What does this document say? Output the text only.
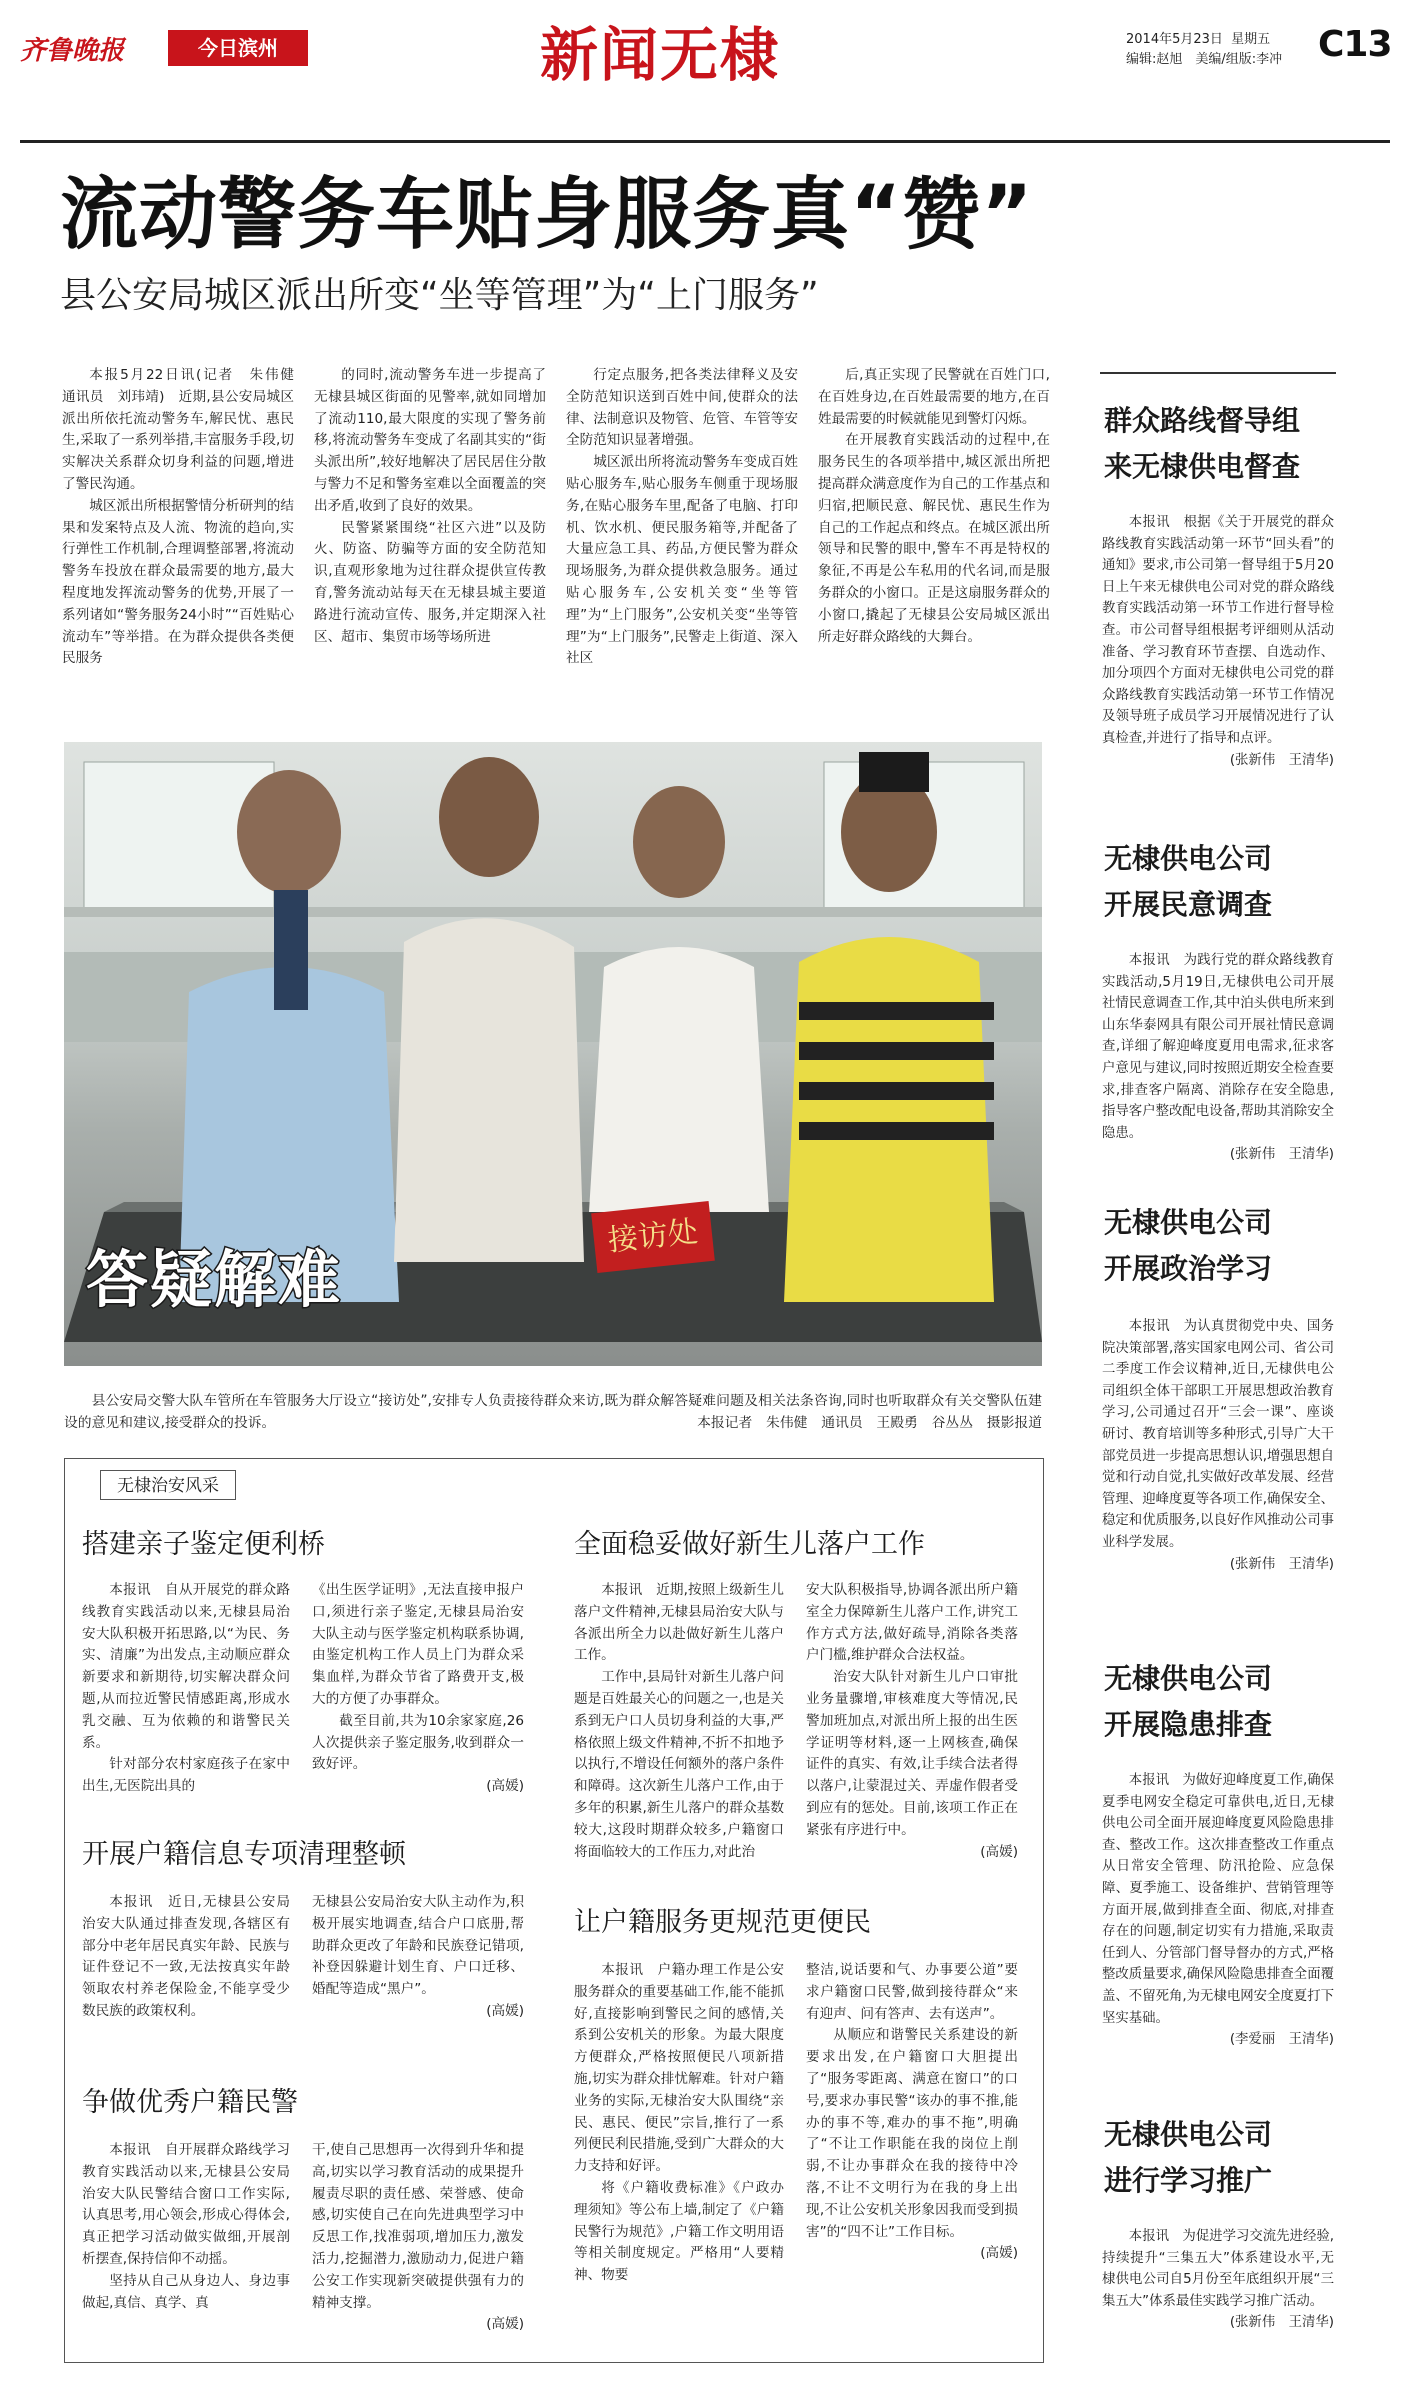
齐鲁晚报	今日滨州	新闻无棣	2014年5月23日 星期五
编辑:赵旭　美编/组版:李冲 C13
流动警务车贴身服务真“赞”
县公安局城区派出所变“坐等管理”为“上门服务”

本报5月22日讯(记者　朱伟健　通讯员　刘玮靖)　近期,县公安局城区派出所依托流动警务车,解民忧、惠民生,采取了一系列举措,丰富服务手段,切实解决关系群众切身利益的问题,增进了警民沟通。

城区派出所根据警情分析研判的结果和发案特点及人流、物流的趋向,实行弹性工作机制,合理调整部署,将流动警务车投放在群众最需要的地方,最大程度地发挥流动警务的优势,开展了一系列诸如“警务服务24小时”“百姓贴心流动车”等举措。在为群众提供各类便民服务

的同时,流动警务车进一步提高了无棣县城区街面的见警率,就如同增加了流动110,最大限度的实现了警务前移,将流动警务车变成了名副其实的“街头派出所”,较好地解决了居民居住分散与警力不足和警务室难以全面覆盖的突出矛盾,收到了良好的效果。

民警紧紧围绕“社区六进”以及防火、防盗、防骗等方面的安全防范知识,直观形象地为过往群众提供宣传教育,警务流动站每天在无棣县城主要道路进行流动宣传、服务,并定期深入社区、超市、集贸市场等场所进

行定点服务,把各类法律释义及安全防范知识送到百姓中间,使群众的法律、法制意识及物管、危管、车管等安全防范知识显著增强。

城区派出所将流动警务车变成百姓贴心服务车,贴心服务车侧重于现场服务,在贴心服务车里,配备了电脑、打印机、饮水机、便民服务箱等,并配备了大量应急工具、药品,方便民警为群众现场服务,为群众提供救急服务。通过贴心服务车,公安机关变“坐等管理”为“上门服务”,公安机关变“坐等管理”为“上门服务”,民警走上街道、深入社区

后,真正实现了民警就在百姓门口,在百姓身边,在百姓最需要的地方,在百姓最需要的时候就能见到警灯闪烁。

在开展教育实践活动的过程中,在服务民生的各项举措中,城区派出所把提高群众满意度作为自己的工作基点和归宿,把顺民意、解民忧、惠民生作为自己的工作起点和终点。在城区派出所领导和民警的眼中,警车不再是特权的象征,不再是公车私用的代名词,而是服务群众的小窗口。正是这扇服务群众的小窗口,撬起了无棣县公安局城区派出所走好群众路线的大舞台。

接访处
答疑解难
县公安局交警大队车管所在车管服务大厅设立“接访处”,安排专人负责接待群众来访,既为群众解答疑难问题及相关法条咨询,同时也听取群众有关交警队伍建设的意见和建议,接受群众的投诉。	本报记者　朱伟健　通讯员　王殿勇　谷丛丛　摄影报道
无棣治安风采
搭建亲子鉴定便利桥

本报讯　自从开展党的群众路线教育实践活动以来,无棣县局治安大队积极开拓思路,以“为民、务实、清廉”为出发点,主动顺应群众新要求和新期待,切实解决群众问题,从而拉近警民情感距离,形成水乳交融、互为依赖的和谐警民关系。

针对部分农村家庭孩子在家中出生,无医院出具的

《出生医学证明》,无法直接申报户口,须进行亲子鉴定,无棣县局治安大队主动与医学鉴定机构联系协调,由鉴定机构工作人员上门为群众采集血样,为群众节省了路费开支,极大的方便了办事群众。

截至目前,共为10余家家庭,26人次提供亲子鉴定服务,收到群众一致好评。

(高媛)

开展户籍信息专项清理整顿

本报讯　近日,无棣县公安局治安大队通过排查发现,各辖区有部分中老年居民真实年龄、民族与证件登记不一致,无法按真实年龄领取农村养老保险金,不能享受少数民族的政策权利。

无棣县公安局治安大队主动作为,积极开展实地调查,结合户口底册,帮助群众更改了年龄和民族登记错项,补登因躲避计划生育、户口迁移、婚配等造成“黑户”。

(高媛)

争做优秀户籍民警

本报讯　自开展群众路线学习教育实践活动以来,无棣县公安局治安大队民警结合窗口工作实际,认真思考,用心领会,形成心得体会,真正把学习活动做实做细,开展剖析摆查,保持信仰不动摇。

坚持从自己从身边人、身边事做起,真信、真学、真

干,使自己思想再一次得到升华和提高,切实以学习教育活动的成果提升履责尽职的责任感、荣誉感、使命感,切实使自己在向先进典型学习中反思工作,找准弱项,增加压力,激发活力,挖掘潜力,激励动力,促进户籍公安工作实现新突破提供强有力的精神支撑。

(高媛)

全面稳妥做好新生儿落户工作

本报讯　近期,按照上级新生儿落户文件精神,无棣县局治安大队与各派出所全力以赴做好新生儿落户工作。

工作中,县局针对新生儿落户问题是百姓最关心的问题之一,也是关系到无户口人员切身利益的大事,严格依照上级文件精神,不折不扣地予以执行,不增设任何额外的落户条件和障碍。这次新生儿落户工作,由于多年的积累,新生儿落户的群众基数较大,这段时期群众较多,户籍窗口将面临较大的工作压力,对此治

安大队积极指导,协调各派出所户籍室全力保障新生儿落户工作,讲究工作方式方法,做好疏导,消除各类落户门槛,维护群众合法权益。

治安大队针对新生儿户口审批业务量骤增,审核难度大等情况,民警加班加点,对派出所上报的出生医学证明等材料,逐一上网核查,确保证件的真实、有效,让手续合法者得以落户,让蒙混过关、弄虚作假者受到应有的惩处。目前,该项工作正在紧张有序进行中。

(高媛)

让户籍服务更规范更便民

本报讯　户籍办理工作是公安服务群众的重要基础工作,能不能抓好,直接影响到警民之间的感情,关系到公安机关的形象。为最大限度方便群众,严格按照便民八项新措施,切实为群众排忧解难。针对户籍业务的实际,无棣治安大队围绕“亲民、惠民、便民”宗旨,推行了一系列便民利民措施,受到广大群众的大力支持和好评。

将《户籍收费标准》《户政办理须知》等公布上墙,制定了《户籍民警行为规范》,户籍工作文明用语等相关制度规定。严格用“人要精神、物要

整洁,说话要和气、办事要公道”要求户籍窗口民警,做到接待群众“来有迎声、问有答声、去有送声”。

从顺应和谐警民关系建设的新要求出发,在户籍窗口大胆提出了“服务零距离、满意在窗口”的口号,要求办事民警“该办的事不推,能办的事不等,难办的事不拖”,明确了“不让工作职能在我的岗位上削弱,不让办事群众在我的接待中冷落,不让不文明行为在我的身上出现,不让公安机关形象因我而受到损害”的“四不让”工作目标。

(高媛)

群众路线督导组
来无棣供电督查

本报讯　根据《关于开展党的群众路线教育实践活动第一环节“回头看”的通知》要求,市公司第一督导组于5月20日上午来无棣供电公司对党的群众路线教育实践活动第一环节工作进行督导检查。市公司督导组根据考评细则从活动准备、学习教育环节查摆、自选动作、加分项四个方面对无棣供电公司党的群众路线教育实践活动第一环节工作情况及领导班子成员学习开展情况进行了认真检查,并进行了指导和点评。

(张新伟　王清华)

无棣供电公司
开展民意调查

本报讯　为践行党的群众路线教育实践活动,5月19日,无棣供电公司开展社情民意调查工作,其中泊头供电所来到山东华泰网具有限公司开展社情民意调查,详细了解迎峰度夏用电需求,征求客户意见与建议,同时按照近期安全检查要求,排查客户隔离、消除存在安全隐患,指导客户整改配电设备,帮助其消除安全隐患。

(张新伟　王清华)

无棣供电公司
开展政治学习

本报讯　为认真贯彻党中央、国务院决策部署,落实国家电网公司、省公司二季度工作会议精神,近日,无棣供电公司组织全体干部职工开展思想政治教育学习,公司通过召开“三会一课”、座谈研讨、教育培训等多种形式,引导广大干部党员进一步提高思想认识,增强思想自觉和行动自觉,扎实做好改革发展、经营管理、迎峰度夏等各项工作,确保安全、稳定和优质服务,以良好作风推动公司事业科学发展。

(张新伟　王清华)

无棣供电公司
开展隐患排查

本报讯　为做好迎峰度夏工作,确保夏季电网安全稳定可靠供电,近日,无棣供电公司全面开展迎峰度夏风险隐患排查、整改工作。这次排查整改工作重点从日常安全管理、防汛抢险、应急保障、夏季施工、设备维护、营销管理等方面开展,做到排查全面、彻底,对排查存在的问题,制定切实有力措施,采取责任到人、分管部门督导督办的方式,严格整改质量要求,确保风险隐患排查全面覆盖、不留死角,为无棣电网安全度夏打下坚实基础。

(李爱丽　王清华)

无棣供电公司
进行学习推广

本报讯　为促进学习交流先进经验,持续提升“三集五大”体系建设水平,无棣供电公司自5月份至年底组织开展“三集五大”体系最佳实践学习推广活动。

(张新伟　王清华)
